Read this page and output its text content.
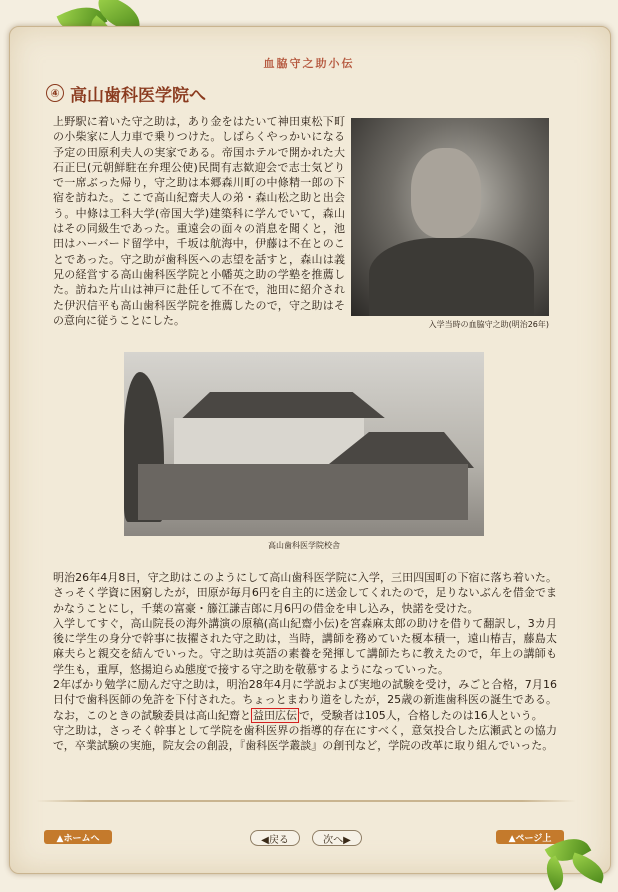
血脇守之助小伝
④ 高山歯科医学院へ

上野駅に着いた守之助は，あり金をはたいて神田東松下町の小柴家に人力車で乗りつけた。しばらくやっかいになる予定の田原利夫人の実家である。帝国ホテルで開かれた大石正巳(元朝鮮駐在弁理公使)民間有志歓迎会で志士気どりで一席ぶった帰り，守之助は本郷森川町の中條精一郎の下宿を訪ねた。ここで高山紀齋夫人の弟・森山松之助と出会う。中條は工科大学(帝国大学)建築科に学んでいて，森山はその同級生であった。重遠会の面々の消息を聞くと，池田はハーバード留学中，千坂は航海中，伊藤は不在とのことであった。守之助が歯科医への志望を話すと，森山は義兄の経営する高山歯科医学院と小幡英之助の学塾を推薦した。訪ねた片山は神戸に赴任して不在で，池田に紹介された伊沢信平も高山歯科医学院を推薦したので，守之助はその意向に従うことにした。	入学当時の血脇守之助(明治26年)
高山歯科医学院校舎

明治26年4月8日，守之助はこのようにして高山歯科医学院に入学，三田四国町の下宿に落ち着いた。さっそく学資に困窮したが，田原が毎月6円を自主的に送金してくれたので，足りないぶんを借金でまかなうことにし，千葉の富豪・籐江謙吉郎に月6円の借金を申し込み，快諾を受けた。

入学してすぐ，高山院長の海外講演の原稿(高山紀齋小伝)を宮森麻太郎の助けを借りて翻訳し，3カ月後に学生の身分で幹事に抜擢された守之助は，当時，講師を務めていた榎本積一，遠山椿吉，藤島太麻夫らと親交を結んでいった。守之助は英語の素養を発揮して講師たちに教えたので，年上の講師も学生も，重厚，悠揚迫らぬ態度で接する守之助を敬慕するようになっていった。

2年ばかり勉学に励んだ守之助は，明治28年4月に学説および実地の試験を受け，みごと合格，7月16日付で歯科医師の免許を下付された。ちょっとまわり道をしたが，25歳の新進歯科医の誕生である。なお，このときの試験委員は高山紀齋と 益田広伝 で，受験者は105人，合格したのは16人という。

守之助は，さっそく幹事として学院を歯科医界の指導的存在にすべく，意気投合した広瀬武との協力で，卒業試験の実施，院友会の創設，『歯科医学叢談』の創刊など，学院の改革に取り組んでいった。

▲ホームへ	◀戻る	次へ▶	▲ページ上
